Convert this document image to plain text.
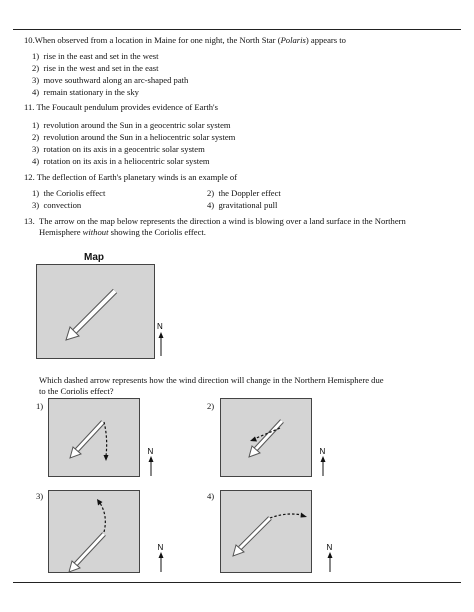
10.When observed from a location in Maine for one night, the North Star (Polaris) appears to
1) rise in the east and set in the west
2) rise in the west and set in the east
3) move southward along an arc-shaped path
4) remain stationary in the sky
11. The Foucault pendulum provides evidence of Earth's
1) revolution around the Sun in a geocentric solar system
2) revolution around the Sun in a heliocentric solar system
3) rotation on its axis in a geocentric solar system
4) rotation on its axis in a heliocentric solar system
12. The deflection of Earth's planetary winds is an example of
1) the Coriolis effect	2) the Doppler effect
3) convection	4) gravitational pull
13. The arrow on the map below represents the direction a wind is blowing over a land surface in the Northern Hemisphere without showing the Coriolis effect.
Map
N
Which dashed arrow represents how the wind direction will change in the Northern Hemisphere due
to the Coriolis effect?
1)
N
2)
N
3)
N
4)
N
